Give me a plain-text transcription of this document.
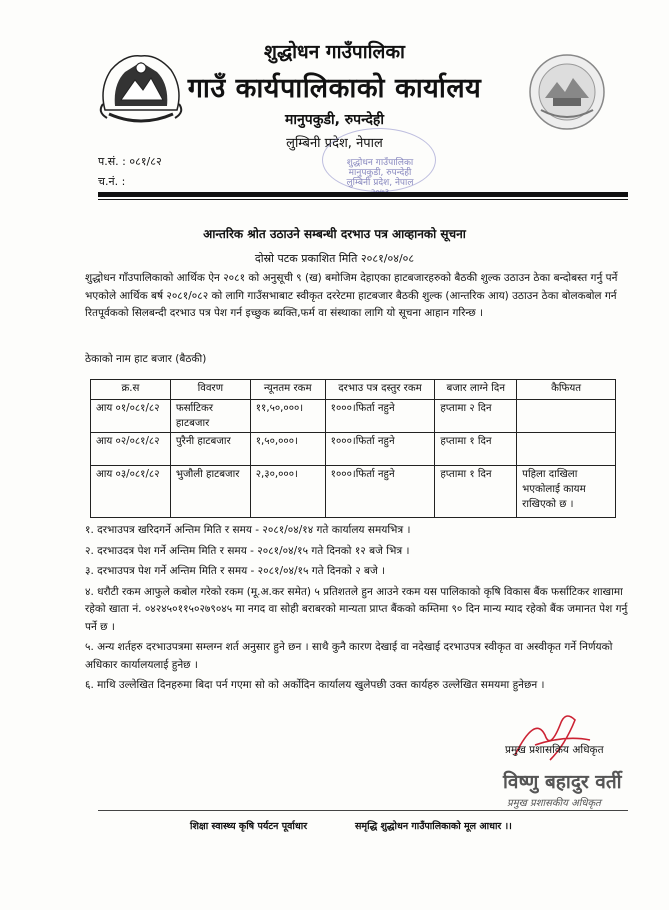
शुद्धोधन गाउँपालिका
गाउँ कार्यपालिकाको कार्यालय
मानुपकुडी, रुपन्देही
लुम्बिनी प्रदेश, नेपाल
प.सं. : ०८१/८२
च.नं. :
शुद्धोधन गाउँपालिका
मानुपकुडी, रुपन्देही
लुम्बिनी प्रदेश, नेपाल
आन्तरिक श्रोत उठाउने सम्बन्धी दरभाउ पत्र आव्हानको सूचना
दोस्रो पटक प्रकाशित मिति २०८१/०४/०८
शुद्धोधन गाँउपालिकाको आर्थिक ऐन २०८१ को अनुसूची ९ (ख) बमोजिम देहाएका हाटबजारहरुको बैठकी शुल्क उठाउन ठेका बन्दोबस्त गर्नु पर्ने भएकोले आर्थिक बर्ष २०८१/०८२ को लागि गाउँसभाबाट स्वीकृत दररेटमा हाटबजार बैठकी शुल्क (आन्तरिक आय) उठाउन ठेका बोलकबोल गर्न रितपूर्वकको सिलबन्दी दरभाउ पत्र पेश गर्न इच्छुक ब्यक्ति,फर्म वा संस्थाका लागि यो सूचना आहान गरिन्छ ।
ठेकाको नाम हाट बजार (बैठकी)
क्र.स	विवरण	न्यूनतम रकम	दरभाउ पत्र दस्तुर रकम	बजार लाग्ने दिन	कैफियत
आय ०१/०८१/८२	फर्साटिकर हाटबजार	११,५०,०००।	१०००।फिर्ता नहुने	हप्तामा २ दिन	
आय ०२/०८१/८२	पुरैनी हाटबजार	१,५०,०००।	१०००।फिर्ता नहुने	हप्तामा १ दिन	
आय ०३/०८१/८२	भुजौली हाटबजार	२,३०,०००।	१०००।फिर्ता नहुने	हप्तामा १ दिन	पहिला दाखिला भएकोलाई कायम राखिएको छ ।
१. दरभाउपत्र खरिदगर्ने अन्तिम मिति र समय - २०८१/०४/१४ गते कार्यालय समयभित्र ।
२. दरभाउदत्र पेश गर्ने अन्तिम मिति र समय - २०८१/०४/१५ गते दिनको १२ बजे भित्र ।
३. दरभाउपत्र पेश गर्ने अन्तिम मिति र समय - २०८१/०४/१५ गते दिनको २ बजे ।
४. धरौटी रकम आफुले कबोल गरेको रकम (मू.अ.कर समेत) ५ प्रतिशतले हुन आउने रकम यस पालिकाको कृषि विकास बैंक फर्साटिकर शाखामा रहेको खाता नं. ०४२४५०११५०२७९०४५ मा नगद वा सोही बराबरको मान्यता प्राप्त बैंकको कम्तिमा ९० दिन मान्य म्याद रहेको बैंक जमानत पेश गर्नु पर्ने छ ।
५. अन्य शर्तहरु दरभाउपत्रमा सम्लग्न शर्त अनुसार हुने छन । साथै कुनै कारण देखाई वा नदेखाई दरभाउपत्र स्वीकृत वा अस्वीकृत गर्ने निर्णयको अधिकार कार्यालयलाई हुनेछ ।
६. माथि उल्लेखित दिनहरुमा बिदा पर्न गएमा सो को अर्कोदिन कार्यालय खुलेपछी उक्त कार्यहरु उल्लेखित समयमा हुनेछन ।
प्रमुख प्रशासकिय अधिकृत
विष्णु बहादुर वर्ती
प्रमुख प्रशासकीय अधिकृत
शिक्षा स्वास्थ्य कृषि पर्यटन पूर्वाधार	समृद्धि शुद्धोधन गाउँपालिकाको मूल आधार ।।
